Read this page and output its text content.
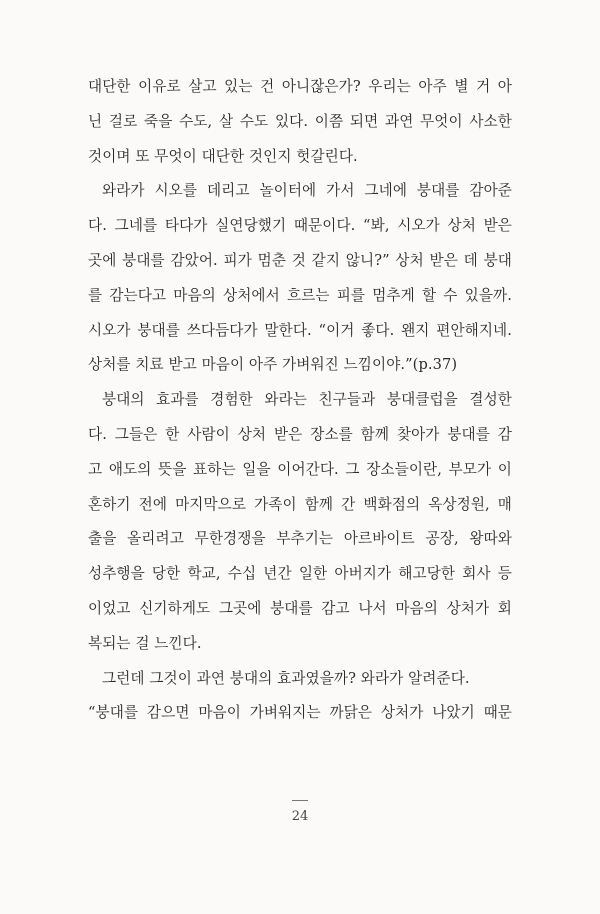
대단한 이유로 살고 있는 건 아니잖은가? 우리는 아주 별 거 아
닌 걸로 죽을 수도, 살 수도 있다. 이쯤 되면 과연 무엇이 사소한
것이며 또 무엇이 대단한 것인지 헛갈린다.
와라가 시오를 데리고 놀이터에 가서 그네에 붕대를 감아준
다. 그네를 타다가 실연당했기 때문이다. “봐, 시오가 상처 받은
곳에 붕대를 감았어. 피가 멈춘 것 같지 않니?” 상처 받은 데 붕대
를 감는다고 마음의 상처에서 흐르는 피를 멈추게 할 수 있을까.
시오가 붕대를 쓰다듬다가 말한다. “이거 좋다. 왠지 편안해지네.
상처를 치료 받고 마음이 아주 가벼워진 느낌이야.”(p.37)
붕대의 효과를 경험한 와라는 친구들과 붕대클럽을 결성한
다. 그들은 한 사람이 상처 받은 장소를 함께 찾아가 붕대를 감
고 애도의 뜻을 표하는 일을 이어간다. 그 장소들이란, 부모가 이
혼하기 전에 마지막으로 가족이 함께 간 백화점의 옥상정원, 매
출을 올리려고 무한경쟁을 부추기는 아르바이트 공장, 왕따와
성추행을 당한 학교, 수십 년간 일한 아버지가 해고당한 회사 등
이었고 신기하게도 그곳에 붕대를 감고 나서 마음의 상처가 회
복되는 걸 느낀다.
그런데 그것이 과연 붕대의 효과였을까? 와라가 알려준다.
“붕대를 감으면 마음이 가벼워지는 까닭은 상처가 나았기 때문
24
